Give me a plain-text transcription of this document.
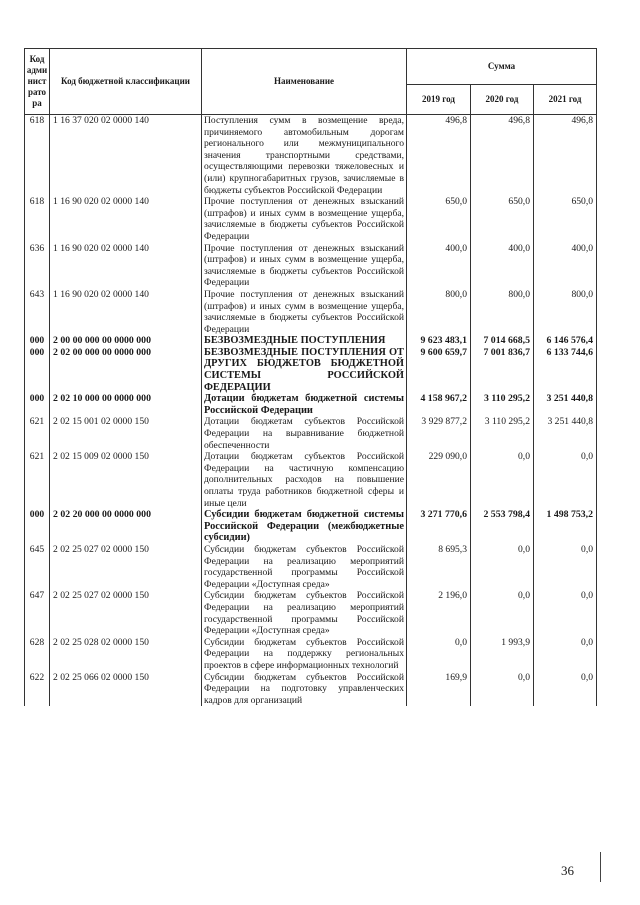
Код адми нист рато ра	Код бюджетной классификации	Наименование	Сумма		
			2019 год	2020 год	2021 год
618	1 16 37 020 02 0000 140	Поступления сумм в возмещение вреда, причиняемого автомобильным дорогам регионального или межмуниципального значения транспортными средствами, осуществляющими перевозки тяжеловесных и (или) крупногабаритных грузов, зачисляемые в бюджеты субъектов Российской Федерации	496,8	496,8	496,8
618	1 16 90 020 02 0000 140	Прочие поступления от денежных взысканий (штрафов) и иных сумм в возмещение ущерба, зачисляемые в бюджеты субъектов Российской Федерации	650,0	650,0	650,0
636	1 16 90 020 02 0000 140	Прочие поступления от денежных взысканий (штрафов) и иных сумм в возмещение ущерба, зачисляемые в бюджеты субъектов Российской Федерации	400,0	400,0	400,0
643	1 16 90 020 02 0000 140	Прочие поступления от денежных взысканий (штрафов) и иных сумм в возмещение ущерба, зачисляемые в бюджеты субъектов Российской Федерации	800,0	800,0	800,0
000	2 00 00 000 00 0000 000	БЕЗВОЗМЕЗДНЫЕ ПОСТУПЛЕНИЯ	9 623 483,1	7 014 668,5	6 146 576,4
000	2 02 00 000 00 0000 000	БЕЗВОЗМЕЗДНЫЕ ПОСТУПЛЕНИЯ ОТ ДРУГИХ БЮДЖЕТОВ БЮДЖЕТНОЙ СИСТЕМЫ РОССИЙСКОЙ ФЕДЕРАЦИИ	9 600 659,7	7 001 836,7	6 133 744,6
000	2 02 10 000 00 0000 000	Дотации бюджетам бюджетной системы Российской Федерации	4 158 967,2	3 110 295,2	3 251 440,8
621	2 02 15 001 02 0000 150	Дотации бюджетам субъектов Российской Федерации на выравнивание бюджетной обеспеченности	3 929 877,2	3 110 295,2	3 251 440,8
621	2 02 15 009 02 0000 150	Дотации бюджетам субъектов Российской Федерации на частичную компенсацию дополнительных расходов на повышение оплаты труда работников бюджетной сферы и иные цели	229 090,0	0,0	0,0
000	2 02 20 000 00 0000 000	Субсидии бюджетам бюджетной системы Российской Федерации (межбюджетные субсидии)	3 271 770,6	2 553 798,4	1 498 753,2
645	2 02 25 027 02 0000 150	Субсидии бюджетам субъектов Российской Федерации на реализацию мероприятий государственной программы Российской Федерации «Доступная среда»	8 695,3	0,0	0,0
647	2 02 25 027 02 0000 150	Субсидии бюджетам субъектов Российской Федерации на реализацию мероприятий государственной программы Российской Федерации «Доступная среда»	2 196,0	0,0	0,0
628	2 02 25 028 02 0000 150	Субсидии бюджетам субъектов Российской Федерации на поддержку региональных проектов в сфере информационных технологий	0,0	1 993,9	0,0
622	2 02 25 066 02 0000 150	Субсидии бюджетам субъектов Российской Федерации на подготовку управленческих кадров для организаций	169,9	0,0	0,0
36
